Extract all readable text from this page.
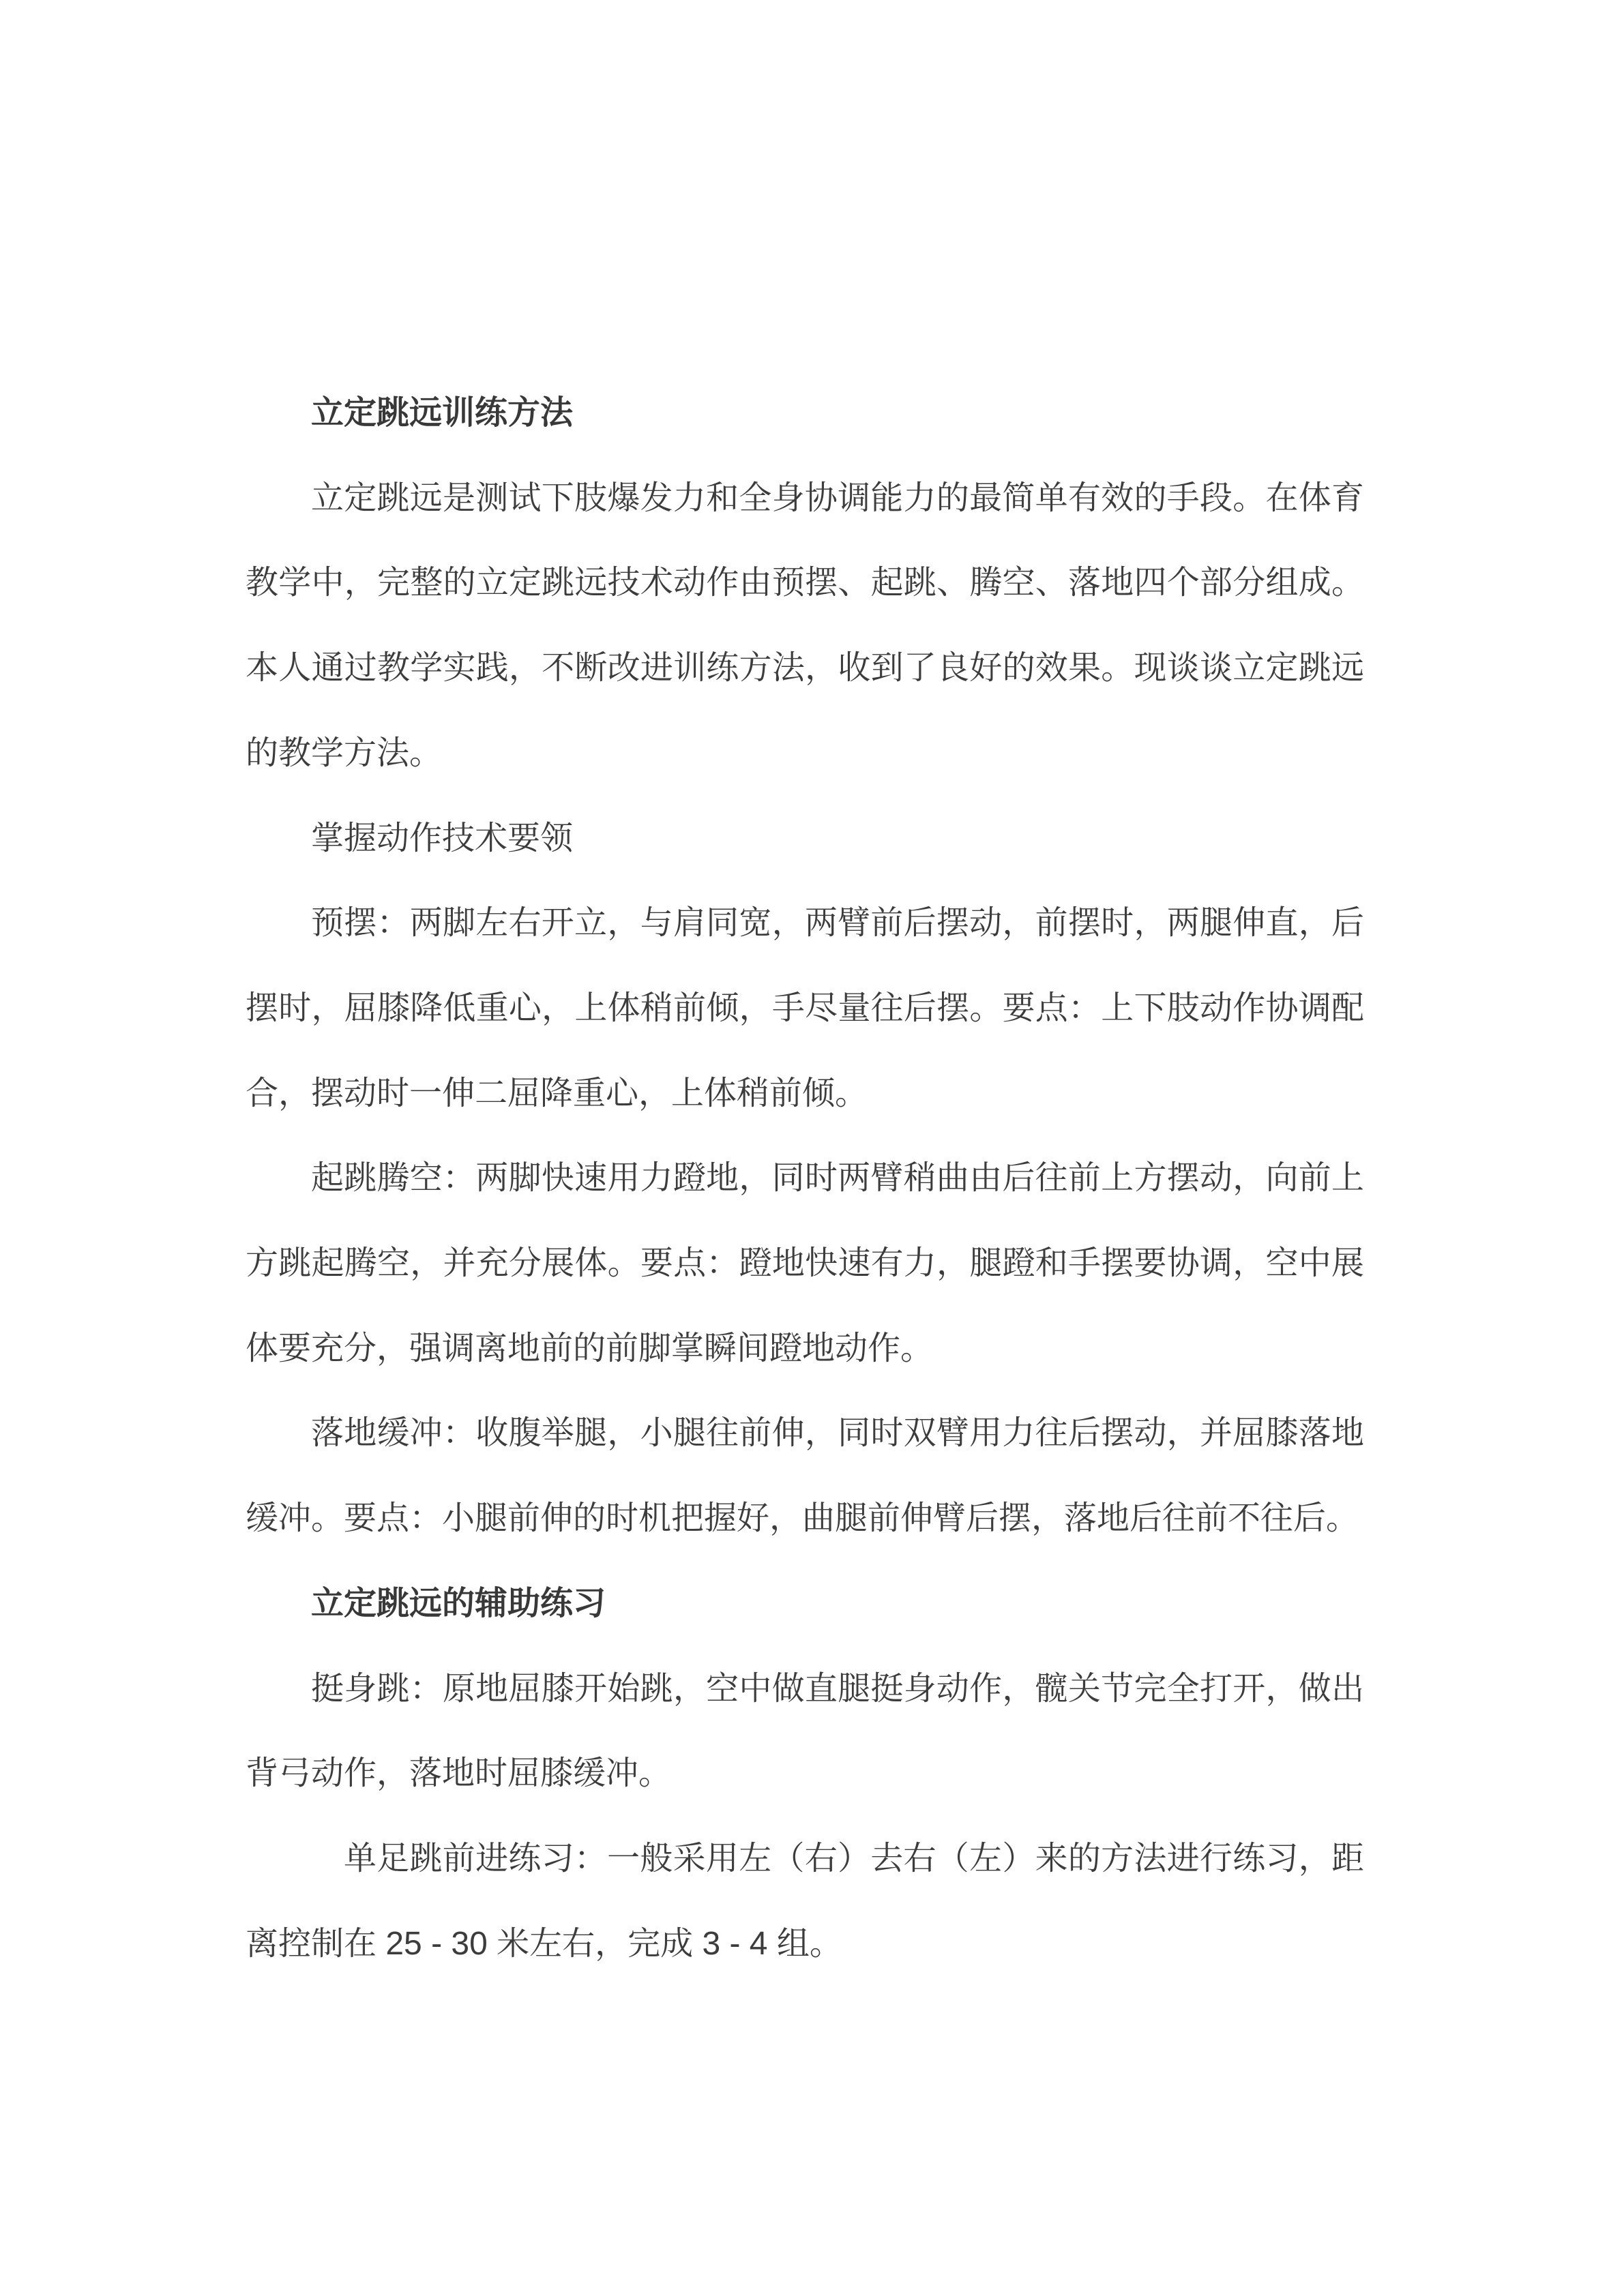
立定跳远训练方法

立定跳远是测试下肢爆发力和全身协调能力的最简单有效的手段。在体育教学中，完整的立定跳远技术动作由预摆、起跳、腾空、落地四个部分组成。本人通过教学实践，不断改进训练方法，收到了良好的效果。现谈谈立定跳远的教学方法。

掌握动作技术要领

预摆：两脚左右开立，与肩同宽，两臂前后摆动，前摆时，两腿伸直，后摆时，屈膝降低重心，上体稍前倾，手尽量往后摆。要点：上下肢动作协调配合，摆动时一伸二屈降重心，上体稍前倾。

起跳腾空：两脚快速用力蹬地，同时两臂稍曲由后往前上方摆动，向前上方跳起腾空，并充分展体。要点：蹬地快速有力，腿蹬和手摆要协调，空中展体要充分，强调离地前的前脚掌瞬间蹬地动作。

落地缓冲：收腹举腿，小腿往前伸，同时双臂用力往后摆动，并屈膝落地缓冲。要点：小腿前伸的时机把握好，曲腿前伸臂后摆，落地后往前不往后。

立定跳远的辅助练习

挺身跳：原地屈膝开始跳，空中做直腿挺身动作，髋关节完全打开，做出背弓动作，落地时屈膝缓冲。

单足跳前进练习：一般采用左（右）去右（左）来的方法进行练习，距离控制在 25 - 30 米左右，完成 3 - 4 组。
